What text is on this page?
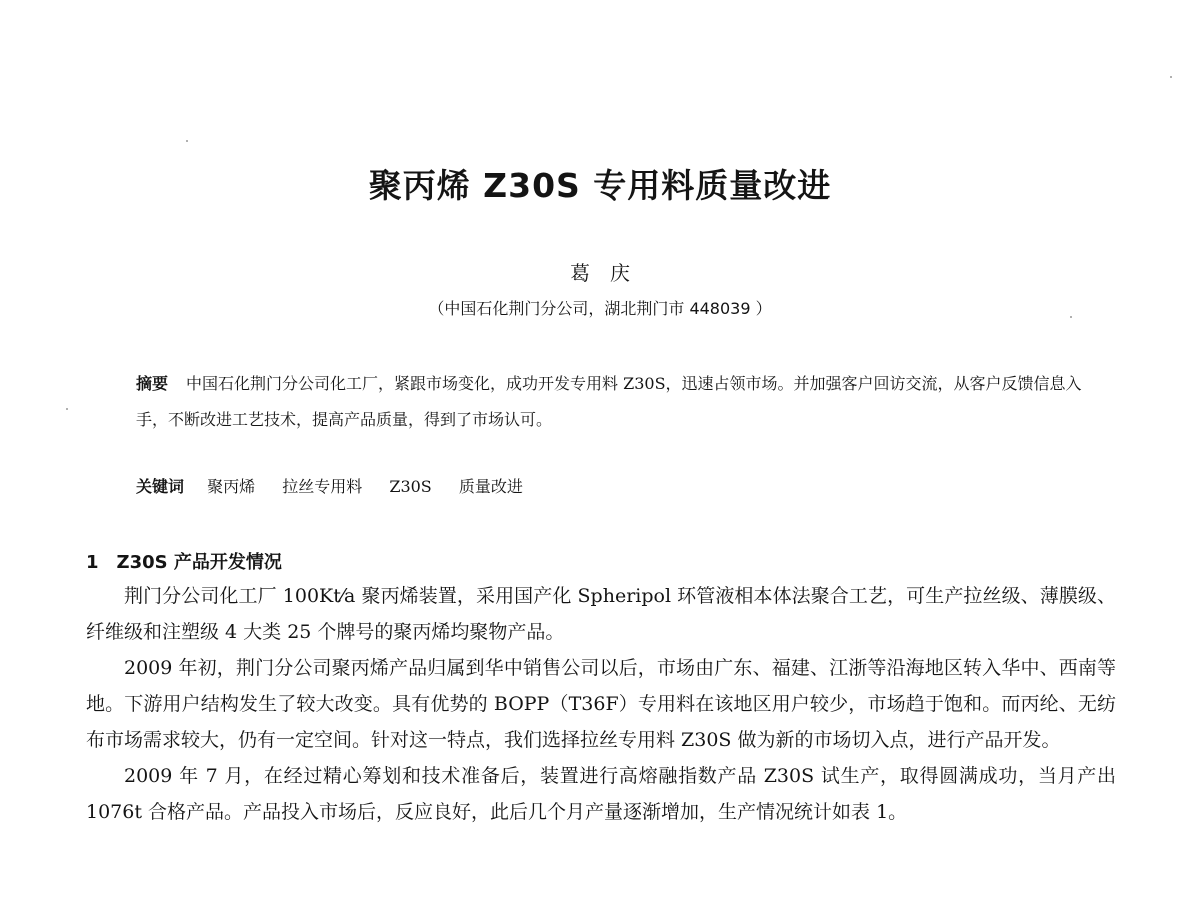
聚丙烯 Z30S 专用料质量改进
葛　庆
（中国石化荆门分公司，湖北荆门市 448039 ）
摘要 中国石化荆门分公司化工厂，紧跟市场变化，成功开发专用料 Z30S，迅速占领市场。并加强客户回访交流，从客户反馈信息入手，不断改进工艺技术，提高产品质量，得到了市场认可。
关键词 聚丙烯 拉丝专用料 Z30S 质量改进
1 Z30S 产品开发情况

荆门分公司化工厂 100Kt⁄a 聚丙烯装置，采用国产化 Spheripol 环管液相本体法聚合工艺，可生产拉丝级、薄膜级、纤维级和注塑级 4 大类 25 个牌号的聚丙烯均聚物产品。

2009 年初，荆门分公司聚丙烯产品归属到华中销售公司以后，市场由广东、福建、江浙等沿海地区转入华中、西南等地。下游用户结构发生了较大改变。具有优势的 BOPP（T36F）专用料在该地区用户较少，市场趋于饱和。而丙纶、无纺布市场需求较大，仍有一定空间。针对这一特点，我们选择拉丝专用料 Z30S 做为新的市场切入点，进行产品开发。

2009 年 7 月，在经过精心筹划和技术准备后，装置进行高熔融指数产品 Z30S 试生产，取得圆满成功，当月产出 1076t 合格产品。产品投入市场后，反应良好，此后几个月产量逐渐增加，生产情况统计如表 1。
